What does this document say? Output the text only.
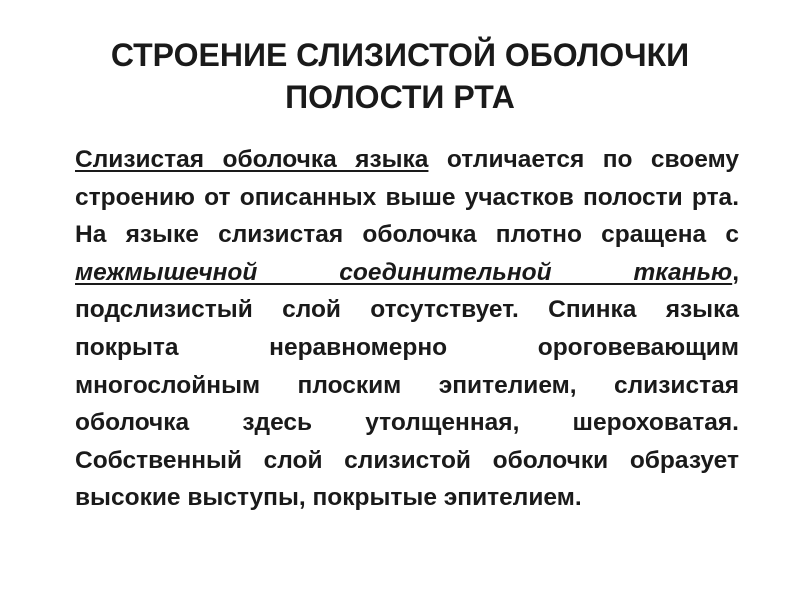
СТРОЕНИЕ СЛИЗИСТОЙ ОБОЛОЧКИ
ПОЛОСТИ РТА

Слизистая оболочка языка отличается по своему строению от описанных выше участков полости рта. На языке слизистая оболочка плотно сращена с межмышечной соединительной тканью, подслизистый слой отсутствует. Спинка языка покрыта неравномерно ороговевающим многослойным плоским эпителием, слизистая оболочка здесь утолщенная, шероховатая. Собственный слой слизистой оболочки образует высокие выступы, покрытые эпителием.
